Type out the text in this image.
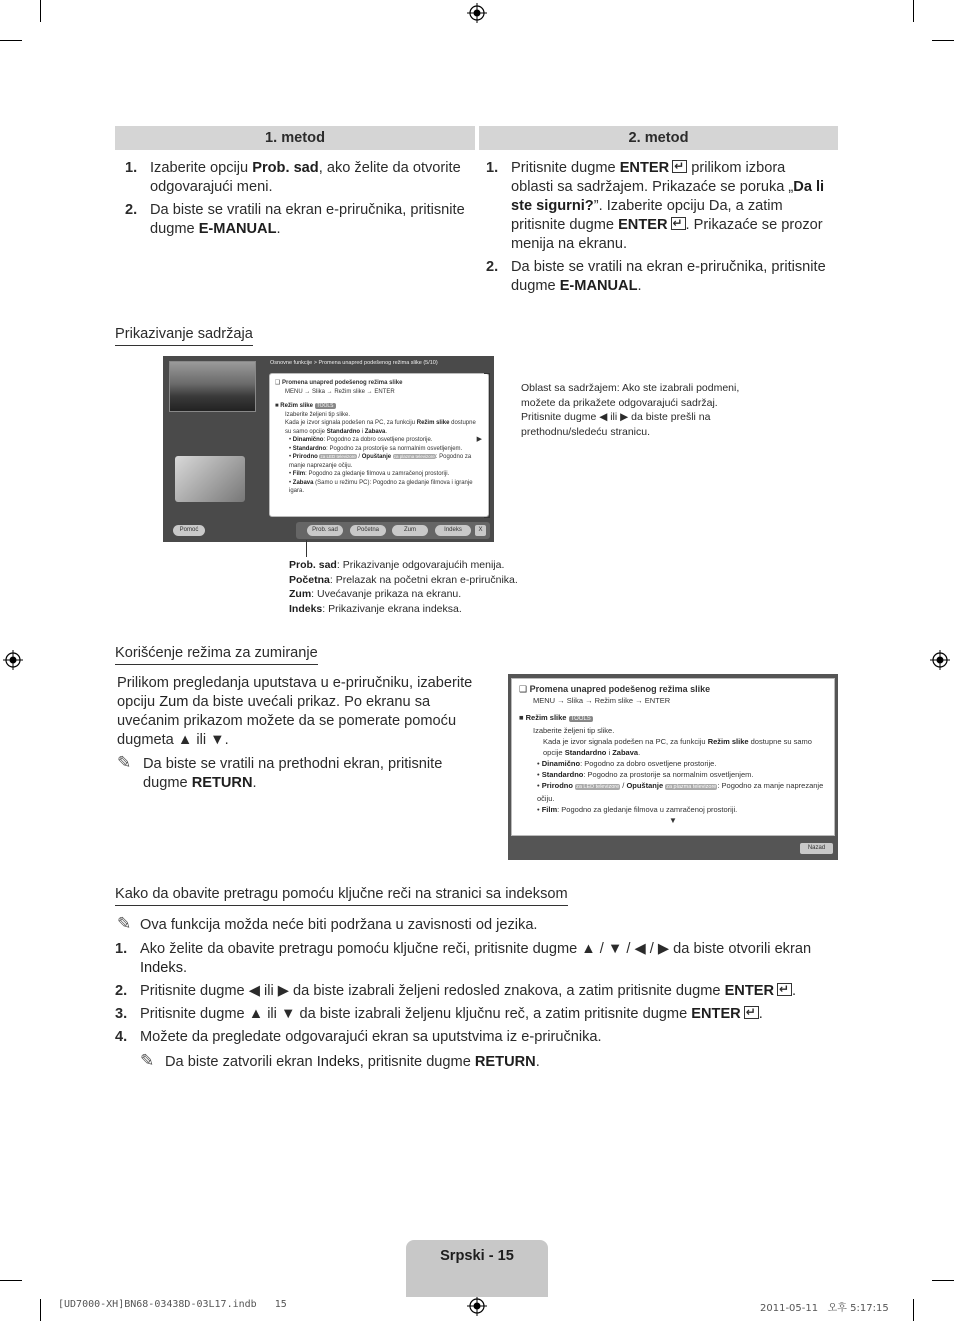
1. metod	2. metod
1. Izaberite opciju Prob. sad, ako želite da otvorite odgovarajući meni.
2. Da biste se vratili na ekran e-priručnika, pritisnite dugme E-MANUAL.
1. Pritisnite dugme ENTER↵ prilikom izbora oblasti sa sadržajem. Prikazaće se poruka „Da li ste sigurni?”. Izaberite opciju Da, a zatim pritisnite dugme ENTER ↵ . Prikazaće se prozor menija na ekranu.
2. Da biste se vratili na ekran e-priručnika, pritisnite dugme E-MANUAL.
Prikazivanje sadržaja
Osnovne funkcije > Promena unapred podešenog režima slike (5/10)
❑ Promena unapred podešenog režima slike
MENU → Slika → Režim slike → ENTER
■ Režim slike TOOLS
Izaberite željeni tip slike.
Kada je izvor signala podešen na PC, za funkciju Režim slike dostupne su samo opcije Standardno i Zabava.
• Dinamično: Pogodno za dobro osvetljene prostorije.
• Standardno: Pogodno za prostorije sa normalnim osvetljenjem.
• Prirodno za LED televizore / Opuštanje za plazma televizore: Pogodno za manje naprezanje očiju.
• Film: Pogodno za gledanje filmova u zamračenoj prostoriji.
• Zabava (Samo u režimu PC): Pogodno za gledanje filmova i igranje igara.
▶
Pomoć	Prob. sad	Početna	Zum	Indeks	X
Oblast sa sadržajem: Ako ste izabrali podmeni, možete da prikažete odgovarajući sadržaj. Pritisnite dugme ◀ ili ▶ da biste prešli na prethodnu/sledeću stranicu.
Prob. sad: Prikazivanje odgovarajućih menija.
Početna: Prelazak na početni ekran e-priručnika.
Zum: Uvećavanje prikaza na ekranu.
Indeks: Prikazivanje ekrana indeksa.
Korišćenje režima za zumiranje
Prilikom pregledanja uputstava u e-priručniku, izaberite opciju Zum da biste uvećali prikaz. Po ekranu sa uvećanim prikazom možete da se pomerate pomoću dugmeta ▲ ili ▼.
✎ Da biste se vratili na prethodni ekran, pritisnite dugme RETURN.
❑ Promena unapred podešenog režima slike
MENU → Slika → Režim slike → ENTER
■ Režim slike TOOLS
Izaberite željeni tip slike.
Kada je izvor signala podešen na PC, za funkciju Režim slike dostupne su samo opcije Standardno i Zabava.
• Dinamično: Pogodno za dobro osvetljene prostorije.
• Standardno: Pogodno za prostorije sa normalnim osvetljenjem.
• Prirodno za LED televizore / Opuštanje za plazma televizore: Pogodno za manje naprezanje očiju.
• Film: Pogodno za gledanje filmova u zamračenoj prostoriji.
▼
Nazad
Kako da obavite pretragu pomoću ključne reči na stranici sa indeksom
✎ Ova funkcija možda neće biti podržana u zavisnosti od jezika.
1. Ako želite da obavite pretragu pomoću ključne reči, pritisnite dugme ▲ / ▼ / ◀ / ▶ da biste otvorili ekran Indeks.
2. Pritisnite dugme ◀ ili ▶ da biste izabrali željeni redosled znakova, a zatim pritisnite dugme ENTER ↵ .
3. Pritisnite dugme ▲ ili ▼ da biste izabrali željenu ključnu reč, a zatim pritisnite dugme ENTER ↵ .
4. Možete da pregledate odgovarajući ekran sa uputstvima iz e-priručnika.
✎ Da biste zatvorili ekran Indeks, pritisnite dugme RETURN.
Srpski - 15
[UD7000-XH]BN68-03438D-03L17.indb   15	2011-05-11   오후 5:17:15
